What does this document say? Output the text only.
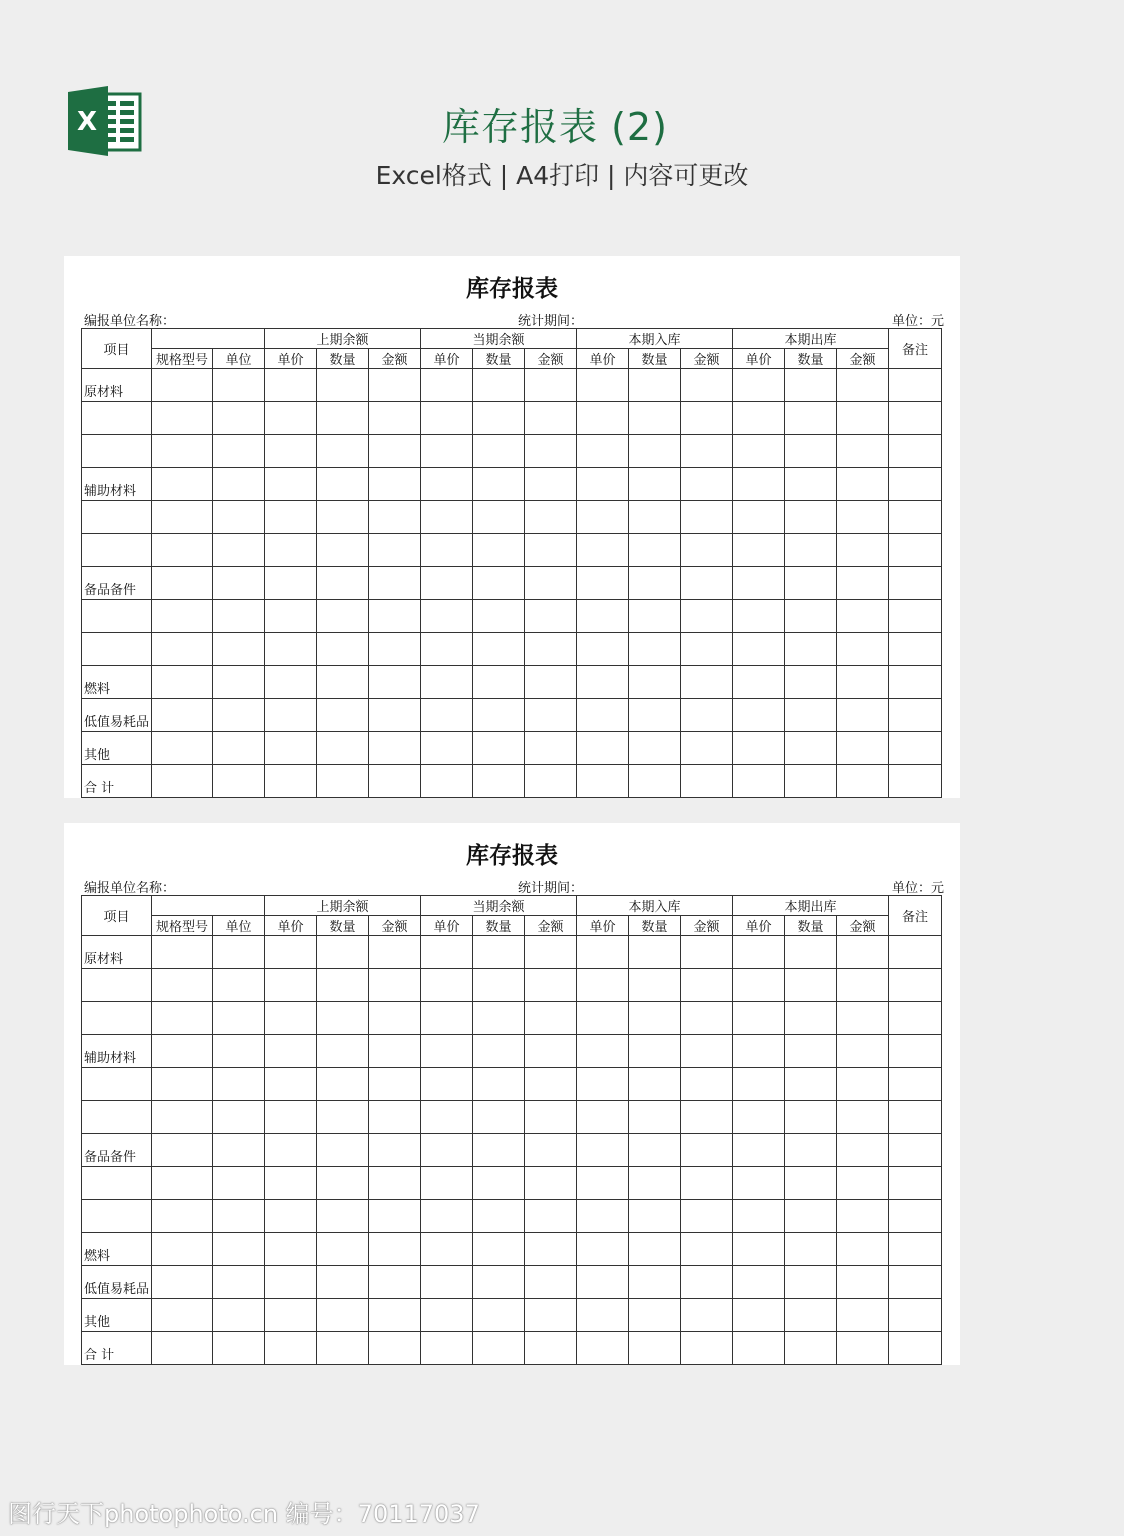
X	库存报表 (2)
Excel格式 | A4打印 | 内容可更改
库存报表
编报单位名称：	统计期间：	单位：元
项目			上期余额			当期余额			本期入库			本期出库			备注
	规格型号	单位	单价	数量	金额	单价	数量	金额	单价	数量	金额	单价	数量	金额	
原材料															

辅助材料															

备品备件															

燃料															
低值易耗品															
其他															
合 计															
库存报表
编报单位名称：	统计期间：	单位：元
项目			上期余额			当期余额			本期入库			本期出库			备注
	规格型号	单位	单价	数量	金额	单价	数量	金额	单价	数量	金额	单价	数量	金额	
原材料															

辅助材料															

备品备件															

燃料															
低值易耗品															
其他															
合 计															
图行天下photophoto.cn 编号：70117037
